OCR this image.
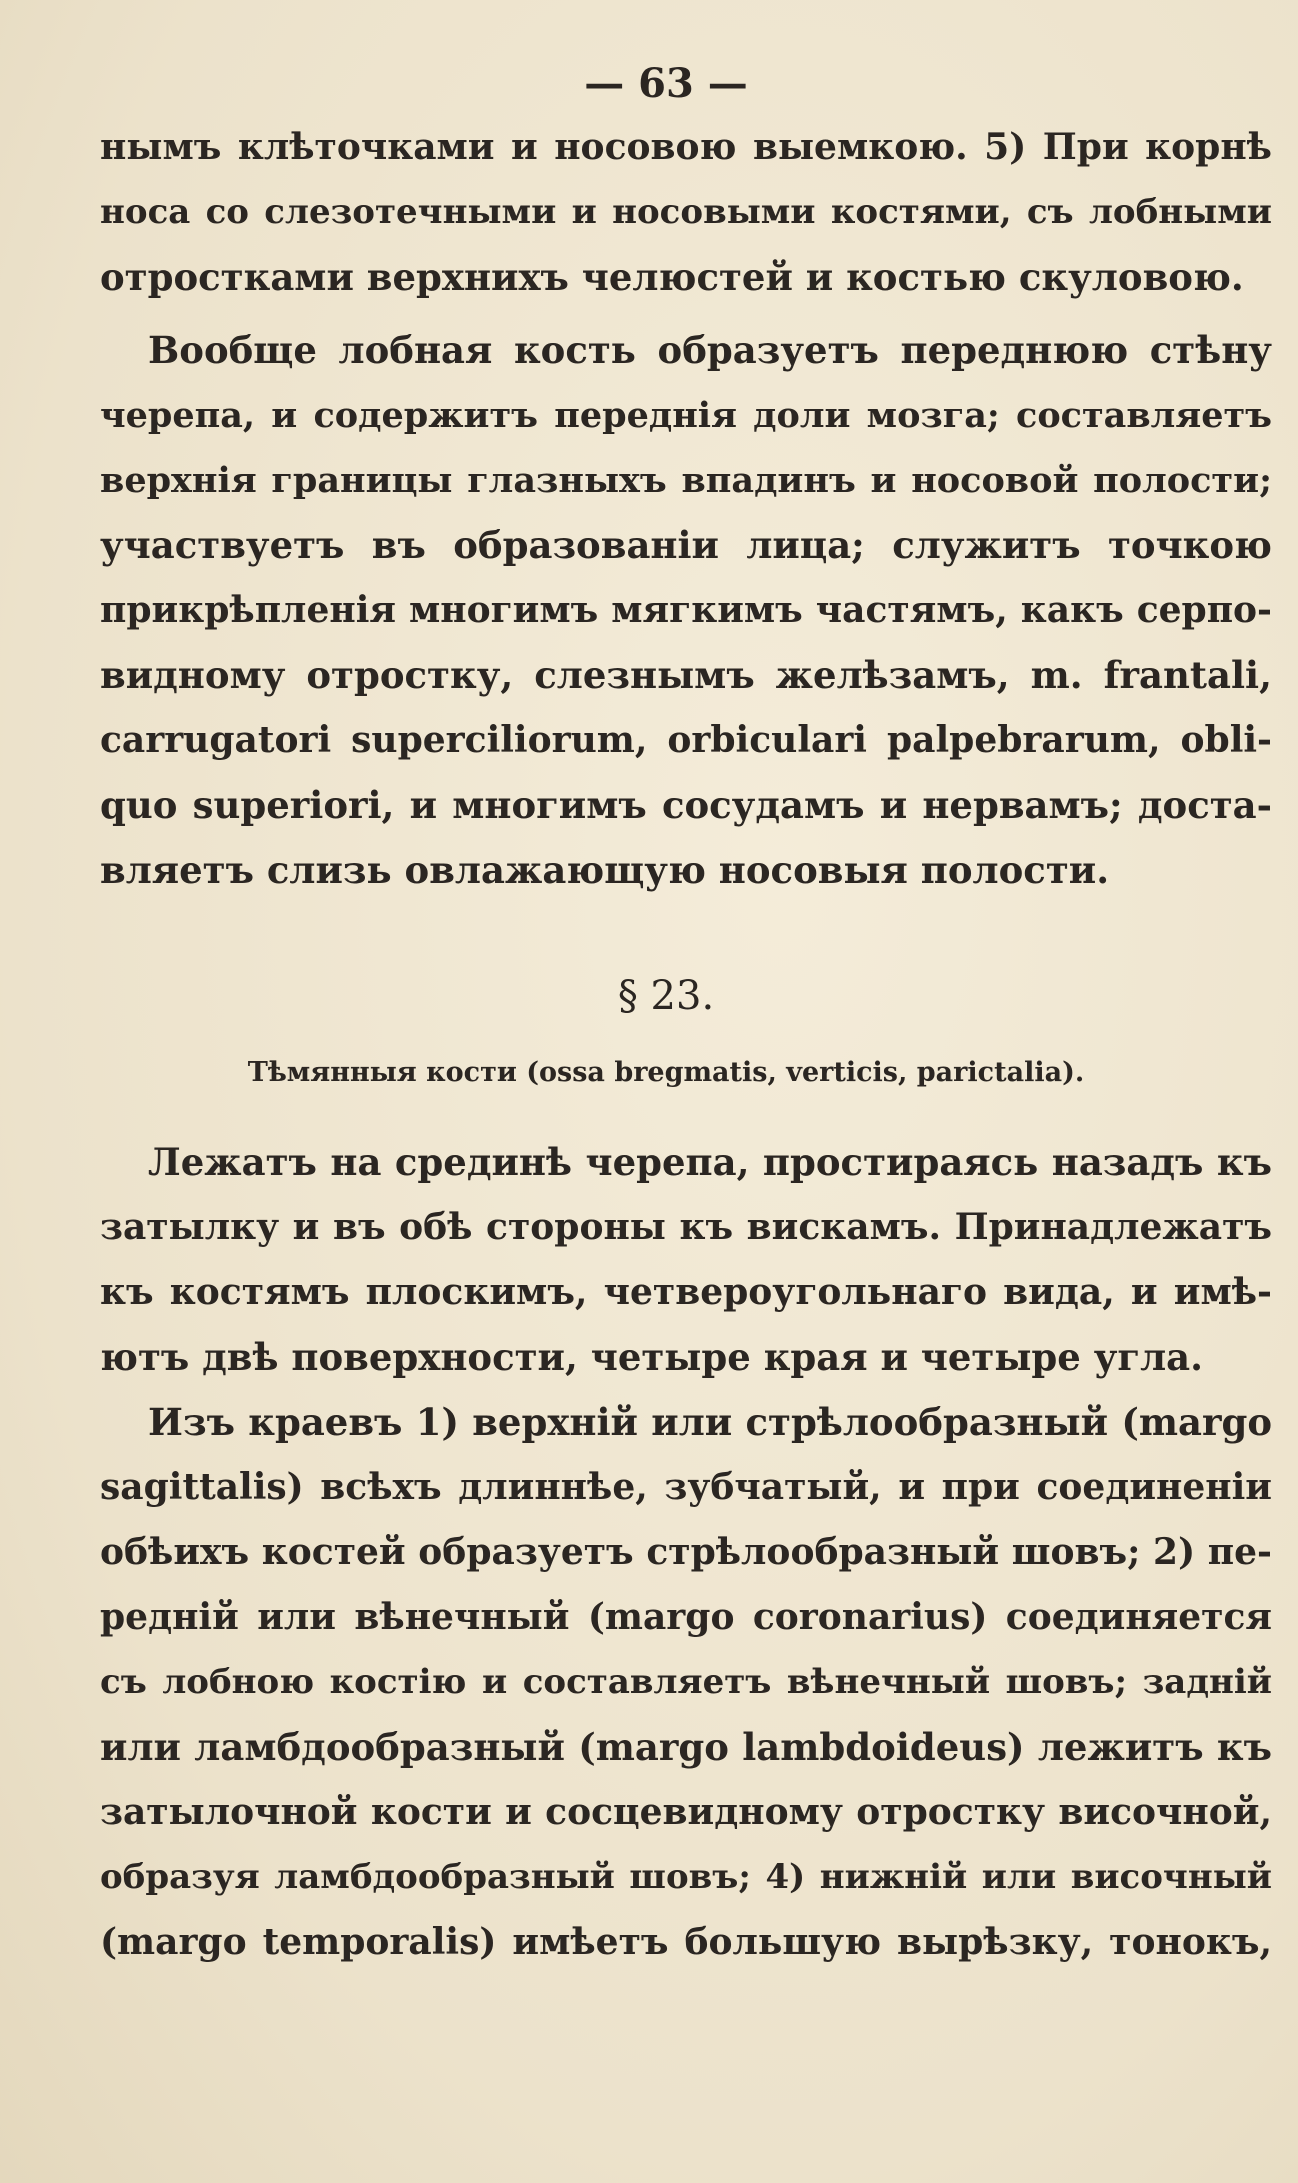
— 63 —
нымъ клѣточками и носовою выемкою. 5) При корнѣ
носа со слезотечными и носовыми костями, съ лобными
отростками верхнихъ челюстей и костью скуловою.
Вообще лобная кость образуетъ переднюю стѣну
черепа, и содержитъ переднія доли мозга; составляетъ
верхнія границы глазныхъ впадинъ и носовой полости;
участвуетъ въ образованіи лица; служитъ точкою
прикрѣпленія многимъ мягкимъ частямъ, какъ серпо-
видному отростку, слезнымъ желѣзамъ, m. frantali,
carrugatori superciliorum, orbiculari palpebrarum, obli-
quo superiori, и многимъ сосудамъ и нервамъ; доста-
вляетъ слизь овлажающую носовыя полости.
§ 23.
Тѣмянныя кости (ossa bregmatis, verticis, parictalia).
Лежатъ на срединѣ черепа, простираясь назадъ къ
затылку и въ обѣ стороны къ вискамъ. Принадлежатъ
къ костямъ плоскимъ, четвероугольнаго вида, и имѣ-
ютъ двѣ поверхности, четыре края и четыре угла.
Изъ краевъ 1) верхній или стрѣлообразный (margo
sagittalis) всѣхъ длиннѣе, зубчатый, и при соединеніи
обѣихъ костей образуетъ стрѣлообразный шовъ; 2) пе-
редній или вѣнечный (margo coronarius) соединяется
съ лобною костію и составляетъ вѣнечный шовъ; задній
или ламбдообразный (margo lambdoideus) лежитъ къ
затылочной кости и сосцевидному отростку височной,
образуя ламбдообразный шовъ; 4) нижній или височный
(margo temporalis) имѣетъ большую вырѣзку, тонокъ,
